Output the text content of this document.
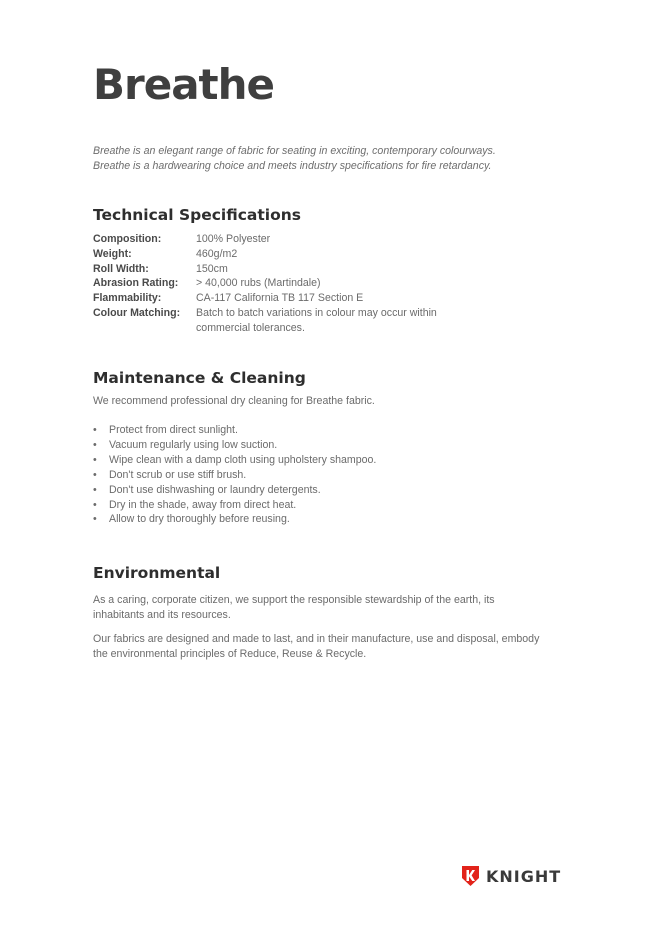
Breathe

Breathe is an elegant range of fabric for seating in exciting, contemporary colourways.

Breathe is a hardwearing choice and meets industry specifications for fire retardancy.

Technical Specifications
Composition:	100% Polyester
Weight:	460g/m2
Roll Width:	150cm
Abrasion Rating:	> 40,000 rubs (Martindale)
Flammability:	CA-117 California TB 117 Section E
Colour Matching:	Batch to batch variations in colour may occur within commercial tolerances.
Maintenance & Cleaning

We recommend professional dry cleaning for Breathe fabric.

• Protect from direct sunlight.
• Vacuum regularly using low suction.
• Wipe clean with a damp cloth using upholstery shampoo.
• Don't scrub or use stiff brush.
• Don't use dishwashing or laundry detergents.
• Dry in the shade, away from direct heat.
• Allow to dry thoroughly before reusing.
Environmental

As a caring, corporate citizen, we support the responsible stewardship of the earth, its inhabitants and its resources.

Our fabrics are designed and made to last, and in their manufacture, use and disposal, embody the environmental principles of Reduce, Reuse & Recycle.

KNIGHT
